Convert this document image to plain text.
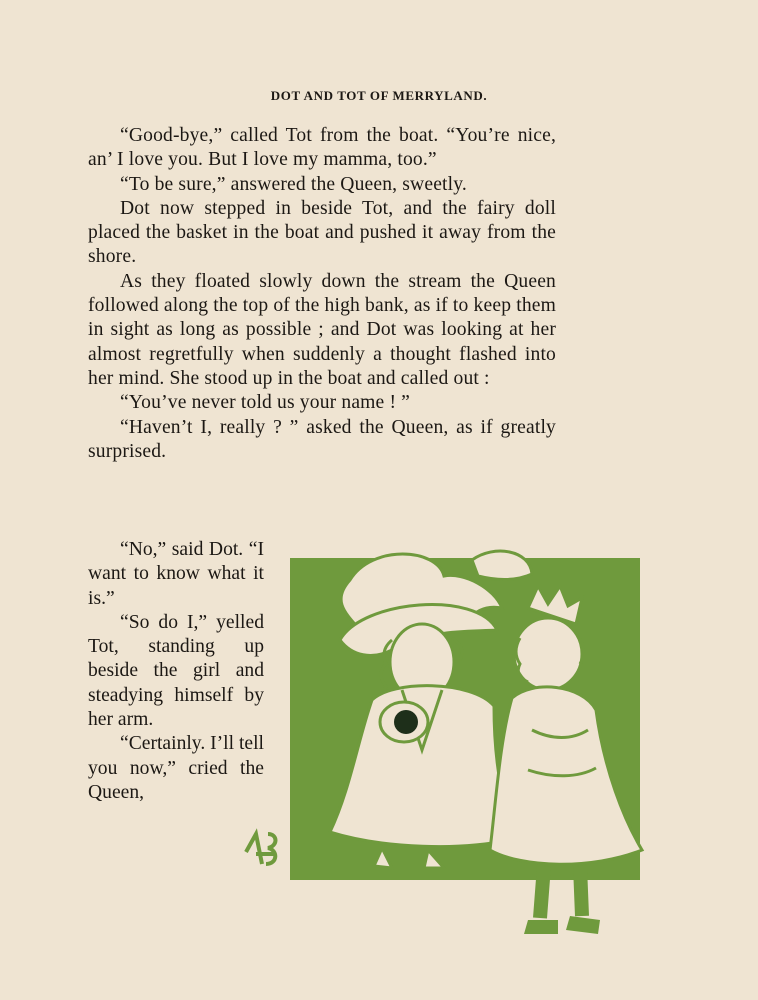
DOT AND TOT OF MERRYLAND.

“Good-bye,” called Tot from the boat. “You’re nice, an’ I love you. But I love my mamma, too.”

“To be sure,” answered the Queen, sweetly.

Dot now stepped in beside Tot, and the fairy doll placed the basket in the boat and pushed it away from the shore.

As they floated slowly down the stream the Queen followed along the top of the high bank, as if to keep them in sight as long as possible ; and Dot was looking at her almost regretfully when suddenly a thought flashed into her mind. She stood up in the boat and called out :

“You’ve never told us your name ! ”

“Haven’t I, really ? ” asked the Queen, as if greatly surprised.

“No,” said Dot. “I want to know what it is.”

“So do I,” yelled Tot, standing up beside the girl and steadying himself by her arm.

“Certainly. I’ll tell you now,” cried the Queen,
